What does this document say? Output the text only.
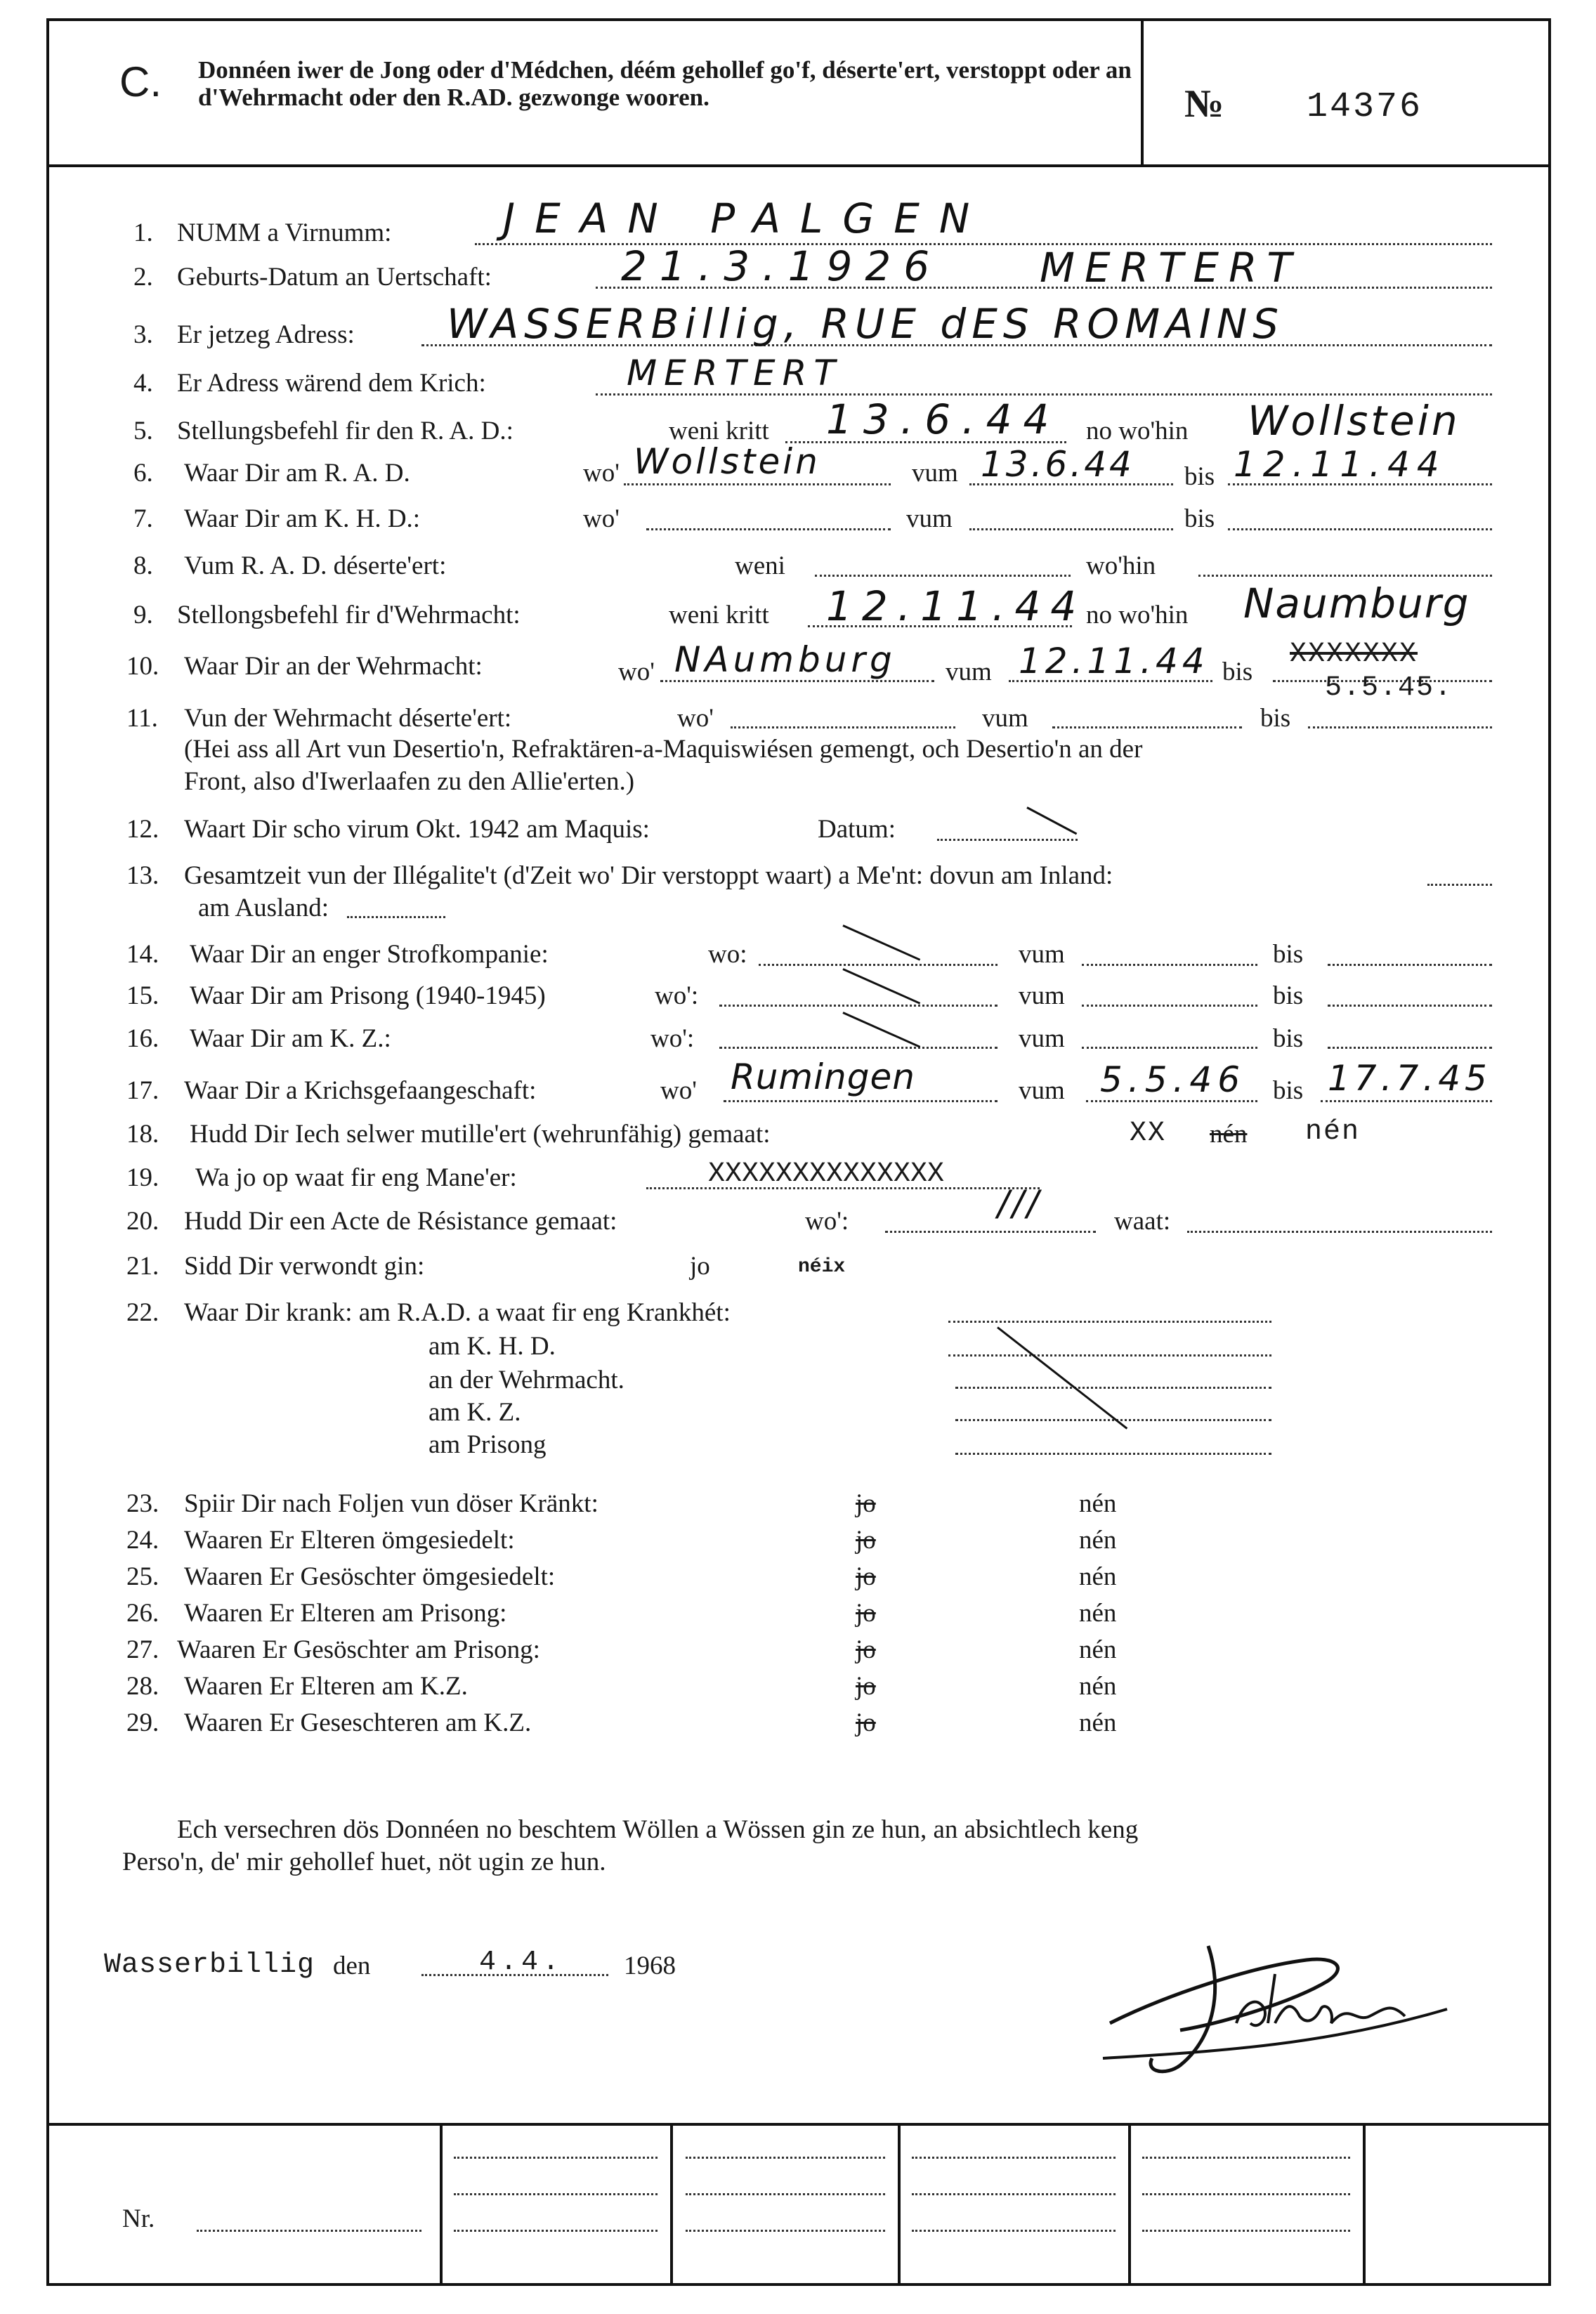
C. Donnéen iwer de Jong oder d'Médchen, déém gehollef go'f, déserte'ert, verstoppt oder an d'Wehrmacht oder den R.AD. gezwonge wooren.	№ 14376
1. NUMM a Virnumm:	JEAN PALGEN
2. Geburts-Datum an Uertschaft:	21.3.1926 MERTERT
3. Er jetzeg Adress: WASSERBillig, RUE dES ROMAINS
4. Er Adress wärend dem Krich:	MERTERT
5. Stellungsbefehl fir den R. A. D.:	weni kritt 13.6.44 no wo'hin Wollstein
6. Waar Dir am R. A. D.	wo' Wollstein	vum 13.6.44 bis 12.11.44
7. Waar Dir am K. H. D.:	wo'	vum	bis
8. Vum R. A. D. déserte'ert:	weni	wo'hin
9. Stellongsbefehl fir d'Wehrmacht:	weni kritt 12.11.44 no wo'hin Naumburg
10. Waar Dir an der Wehrmacht:	wo' NAumburg vum 12.11.44 bis
XXXXXXX
5.5.45.
11. Vun der Wehrmacht déserte'ert:	wo'	vum	bis
(Hei ass all Art vun Desertio'n, Refraktären-a-Maquiswiésen gemengt, och Desertio'n an der
Front, also d'Iwerlaafen zu den Allie'erten.)
12. Waart Dir scho virum Okt. 1942 am Maquis:	Datum:
13. Gesamtzeit vun der Illégalite't (d'Zeit wo' Dir verstoppt waart) a Me'nt: dovun am Inland:
am Ausland:
14. Waar Dir an enger Strofkompanie:	wo:	vum	bis
15. Waar Dir am Prisong (1940-1945)	wo':	vum	bis
16. Waar Dir am K. Z.:	wo':	vum	bis
17. Waar Dir a Krichsgefaangeschaft:	wo' Rumingen	vum 5.5.46 bis 17.7.45
18. Hudd Dir Iech selwer mutille'ert (wehrunfähig) gemaat:	XX nén nén
19. Wa jo op waat fir eng Mane'er:	XXXXXXXXXXXXXX
20. Hudd Dir een Acte de Résistance gemaat:	wo':	///	waat:
21. Sidd Dir verwondt gin:	jo	néix
22. Waar Dir krank: am R.A.D. a waat fir eng Krankhét:
am K. H. D.
an der Wehrmacht.
am K. Z.
am Prisong
23. Spiir Dir nach Foljen vun döser Kränkt:	jo	nén
24. Waaren Er Elteren ömgesiedelt:	jo	nén
25. Waaren Er Gesöschter ömgesiedelt:	jo	nén
26. Waaren Er Elteren am Prisong:	jo	nén
27. Waaren Er Gesöschter am Prisong:	jo	nén
28. Waaren Er Elteren am K.Z.	jo	nén
29. Waaren Er Geseschteren am K.Z.	jo	nén
Ech versechren dös Donnéen no beschtem Wöllen a Wössen gin ze hun, an absichtlech keng
Perso'n, de' mir gehollef huet, nöt ugin ze hun.
Wasserbillig den	4.4. 1968
Palgen
Nr.
